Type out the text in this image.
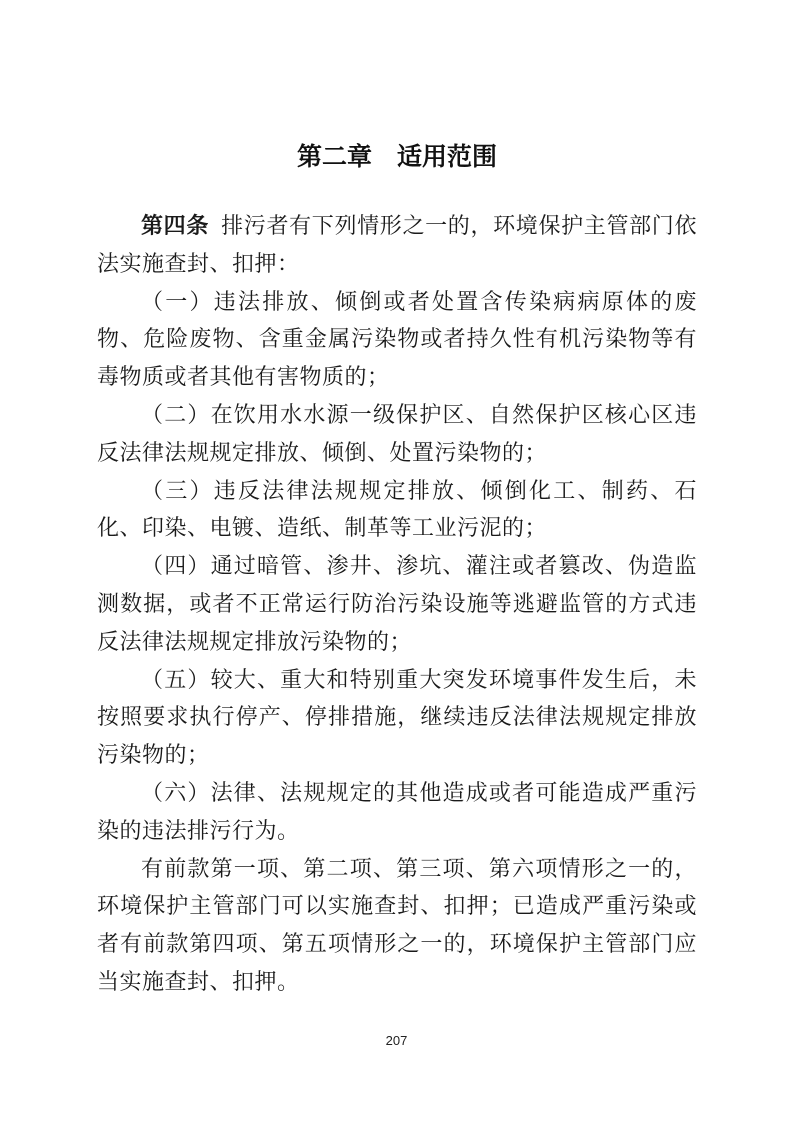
第二章　适用范围

第四条 排污者有下列情形之一的，环境保护主管部门依法实施查封、扣押：

（一）违法排放、倾倒或者处置含传染病病原体的废物、危险废物、含重金属污染物或者持久性有机污染物等有毒物质或者其他有害物质的；

（二）在饮用水水源一级保护区、自然保护区核心区违反法律法规规定排放、倾倒、处置污染物的；

（三）违反法律法规规定排放、倾倒化工、制药、石化、印染、电镀、造纸、制革等工业污泥的；

（四）通过暗管、渗井、渗坑、灌注或者篡改、伪造监测数据，或者不正常运行防治污染设施等逃避监管的方式违反法律法规规定排放污染物的；

（五）较大、重大和特别重大突发环境事件发生后，未按照要求执行停产、停排措施，继续违反法律法规规定排放污染物的；

（六）法律、法规规定的其他造成或者可能造成严重污染的违法排污行为。

有前款第一项、第二项、第三项、第六项情形之一的，环境保护主管部门可以实施查封、扣押；已造成严重污染或者有前款第四项、第五项情形之一的，环境保护主管部门应当实施查封、扣押。

207
